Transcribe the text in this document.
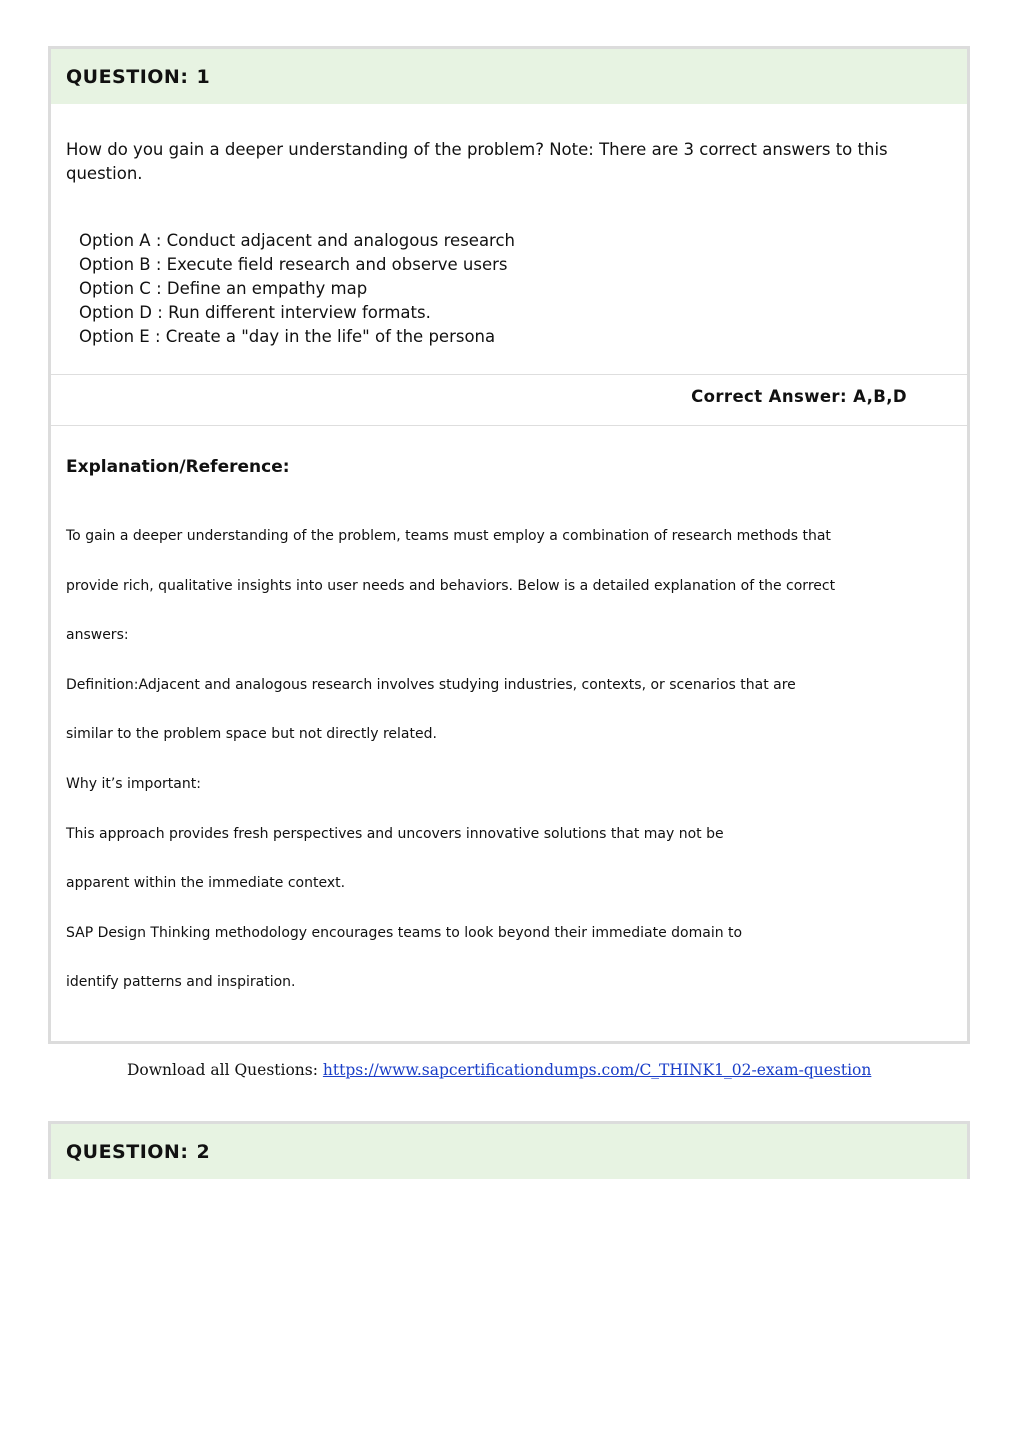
QUESTION: 1
How do you gain a deeper understanding of the problem? Note: There are 3 correct answers to this question.
Option A : Conduct adjacent and analogous research
Option B : Execute field research and observe users
Option C : Define an empathy map
Option D : Run different interview formats.
Option E : Create a "day in the life" of the persona
Correct Answer: A,B,D
Explanation/Reference:
To gain a deeper understanding of the problem, teams must employ a combination of research methods that
provide rich, qualitative insights into user needs and behaviors. Below is a detailed explanation of the correct
answers:
Definition:Adjacent and analogous research involves studying industries, contexts, or scenarios that are
similar to the problem space but not directly related.
Why it’s important:
This approach provides fresh perspectives and uncovers innovative solutions that may not be
apparent within the immediate context.
SAP Design Thinking methodology encourages teams to look beyond their immediate domain to
identify patterns and inspiration.
Download all Questions: https://www.sapcertificationdumps.com/C_THINK1_02-exam-question
QUESTION: 2
